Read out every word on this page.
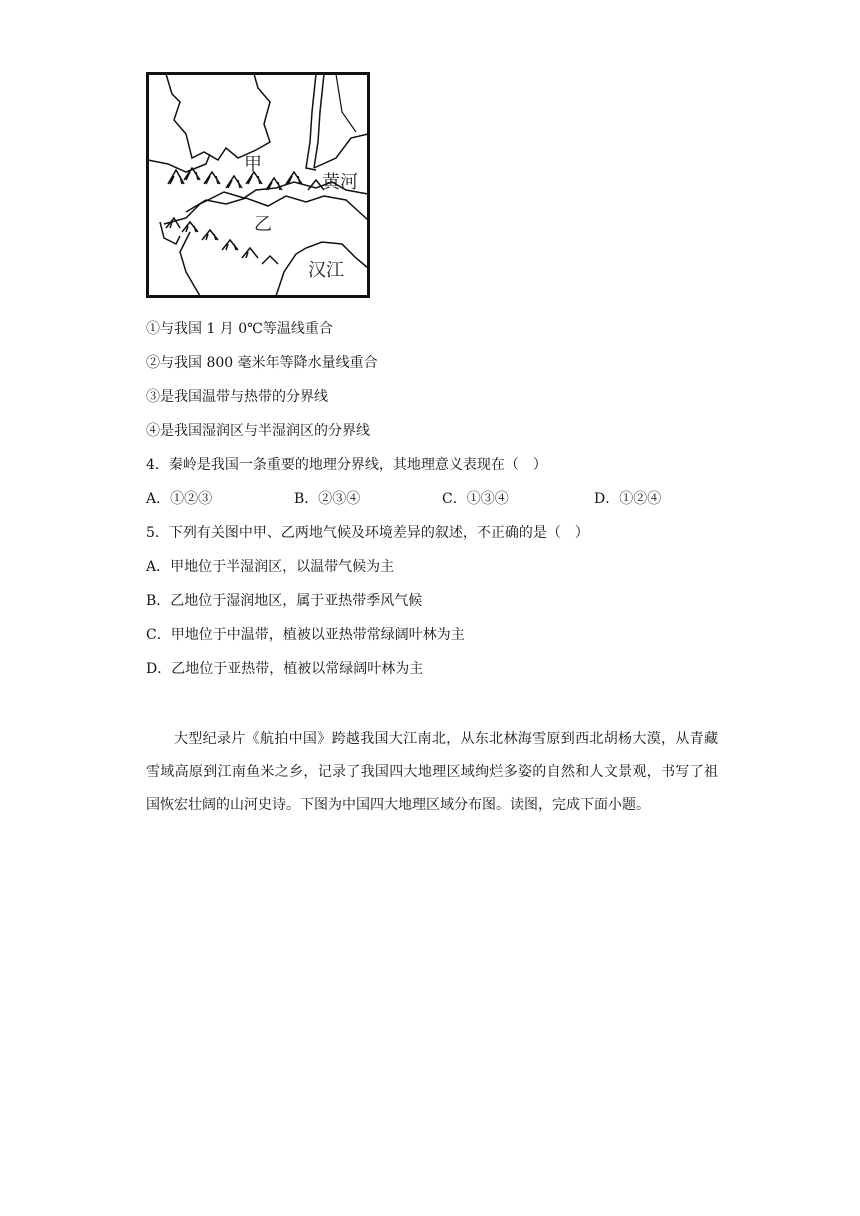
甲
乙
黄河
汉江
①与我国 1 月 0℃等温线重合
②与我国 800 毫米年等降水量线重合
③是我国温带与热带的分界线
④是我国湿润区与半湿润区的分界线
4．秦岭是我国一条重要的地理分界线，其地理意义表现在（　）
A．①②③	B．②③④	C．①③④	D．①②④
5．下列有关图中甲、乙两地气候及环境差异的叙述，不正确的是（　）
A．甲地位于半湿润区，以温带气候为主
B．乙地位于湿润地区，属于亚热带季风气候
C．甲地位于中温带，植被以亚热带常绿阔叶林为主
D．乙地位于亚热带，植被以常绿阔叶林为主
大型纪录片《航拍中国》跨越我国大江南北，从东北林海雪原到西北胡杨大漠，从青藏雪域高原到江南鱼米之乡，记录了我国四大地理区域绚烂多姿的自然和人文景观，书写了祖国恢宏壮阔的山河史诗。下图为中国四大地理区域分布图。读图，完成下面小题。
